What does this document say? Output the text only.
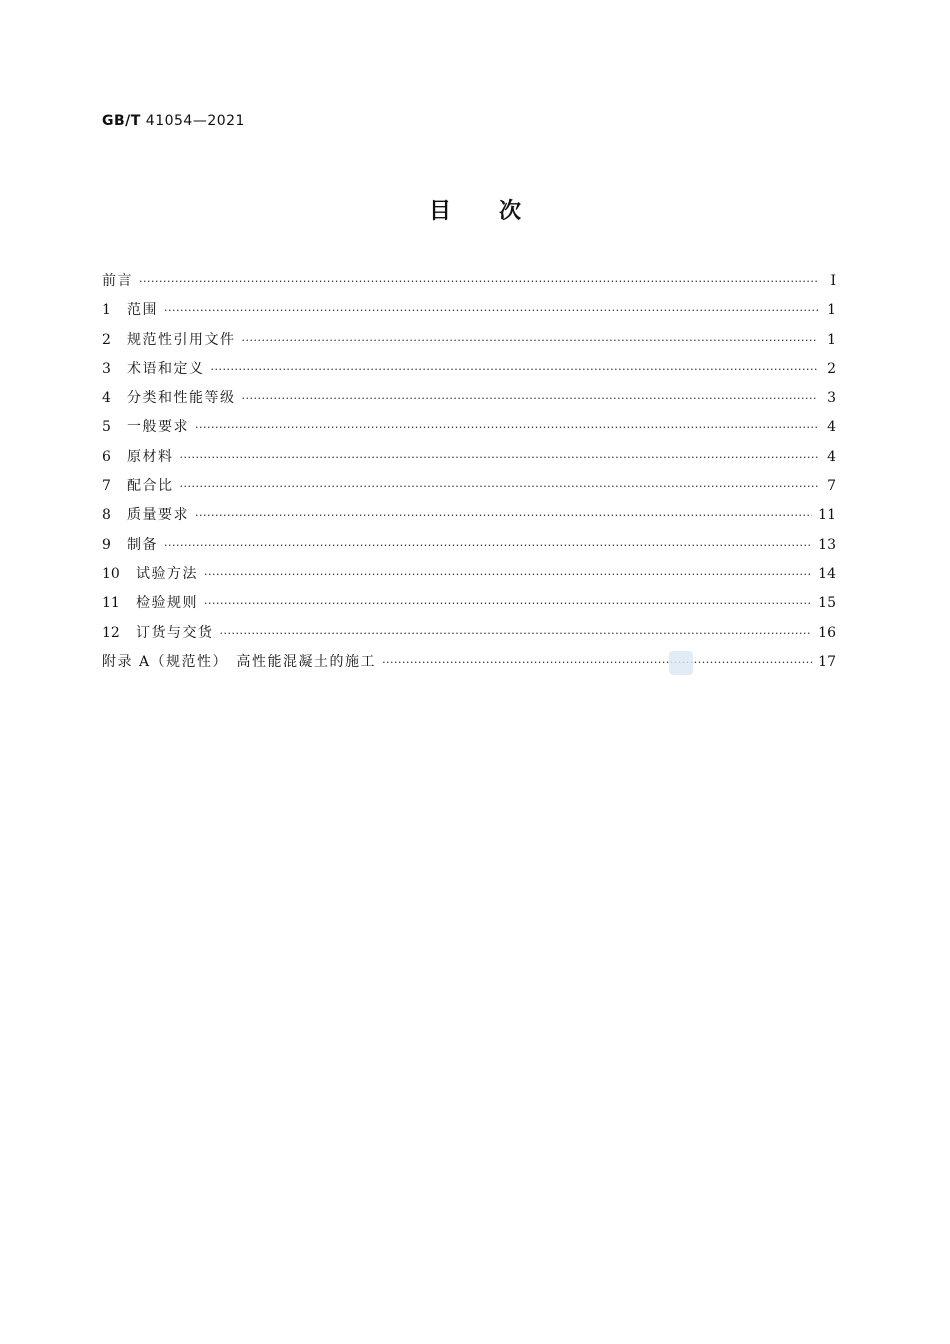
GB/T 41054—2021
目次
前言 ·····	Ⅰ
1	范围 ·····	1
2	规范性引用文件 ·····	1
3	术语和定义 ·····	2
4	分类和性能等级 ·····	3
5	一般要求 ·····	4
6	原材料 ·····	4
7	配合比 ·····	7
8	质量要求 ·····	11
9	制备 ·····	13
10	试验方法 ·····	14
11	检验规则 ·····	15
12	订货与交货 ·····	16
附录 A（规范性）　高性能混凝土的施工 ·····	17
